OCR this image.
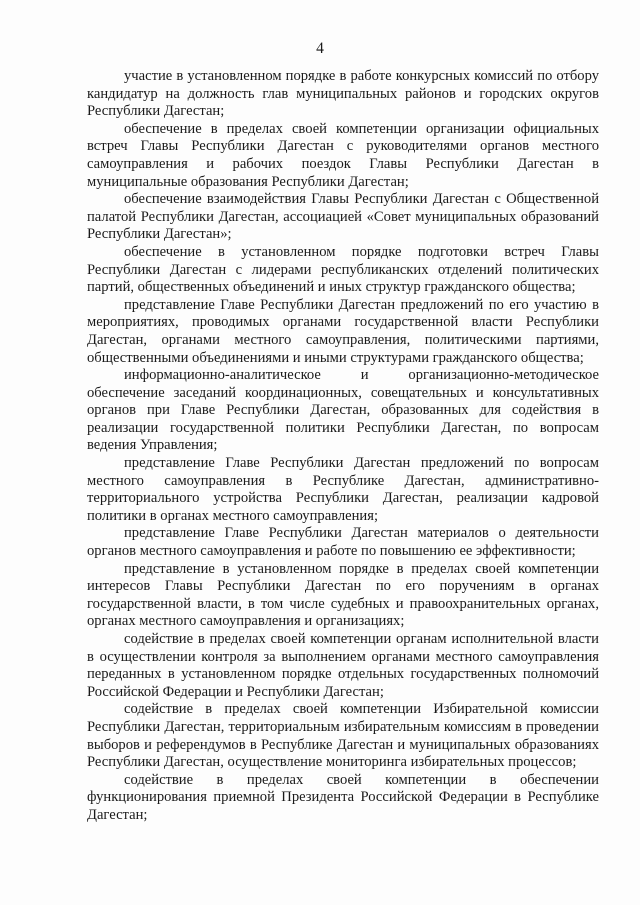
4

участие в установленном порядке в работе конкурсных комиссий по отбору кандидатур на должность глав муниципальных районов и городских округов Республики Дагестан;

обеспечение в пределах своей компетенции организации официальных встреч Главы Республики Дагестан с руководителями органов местного самоуправления и рабочих поездок Главы Республики Дагестан в муниципальные образования Республики Дагестан;

обеспечение взаимодействия Главы Республики Дагестан с Общественной палатой Республики Дагестан, ассоциацией «Совет муниципальных образований Республики Дагестан»;

обеспечение в установленном порядке подготовки встреч Главы Республики Дагестан с лидерами республиканских отделений политических партий, общественных объединений и иных структур гражданского общества;

представление Главе Республики Дагестан предложений по его участию в мероприятиях, проводимых органами государственной власти Республики Дагестан, органами местного самоуправления, политическими партиями, общественными объединениями и иными структурами гражданского общества;

информационно-аналитическое и организационно-методическое обеспечение заседаний координационных, совещательных и консультативных органов при Главе Республики Дагестан, образованных для содействия в реализации государственной политики Республики Дагестан, по вопросам ведения Управления;

представление Главе Республики Дагестан предложений по вопросам местного самоуправления в Республике Дагестан, административно-территориального устройства Республики Дагестан, реализации кадровой политики в органах местного самоуправления;

представление Главе Республики Дагестан материалов о деятельности органов местного самоуправления и работе по повышению ее эффективности;

представление в установленном порядке в пределах своей компетенции интересов Главы Республики Дагестан по его поручениям в органах государственной власти, в том числе судебных и правоохранительных органах, органах местного самоуправления и организациях;

содействие в пределах своей компетенции органам исполнительной власти в осуществлении контроля за выполнением органами местного самоуправления переданных в установленном порядке отдельных государственных полномочий Российской Федерации и Республики Дагестан;

содействие в пределах своей компетенции Избирательной комиссии Республики Дагестан, территориальным избирательным комиссиям в проведении выборов и референдумов в Республике Дагестан и муниципальных образованиях Республики Дагестан, осуществление мониторинга избирательных процессов;

содействие в пределах своей компетенции в обеспечении функционирования приемной Президента Российской Федерации в Республике Дагестан;
